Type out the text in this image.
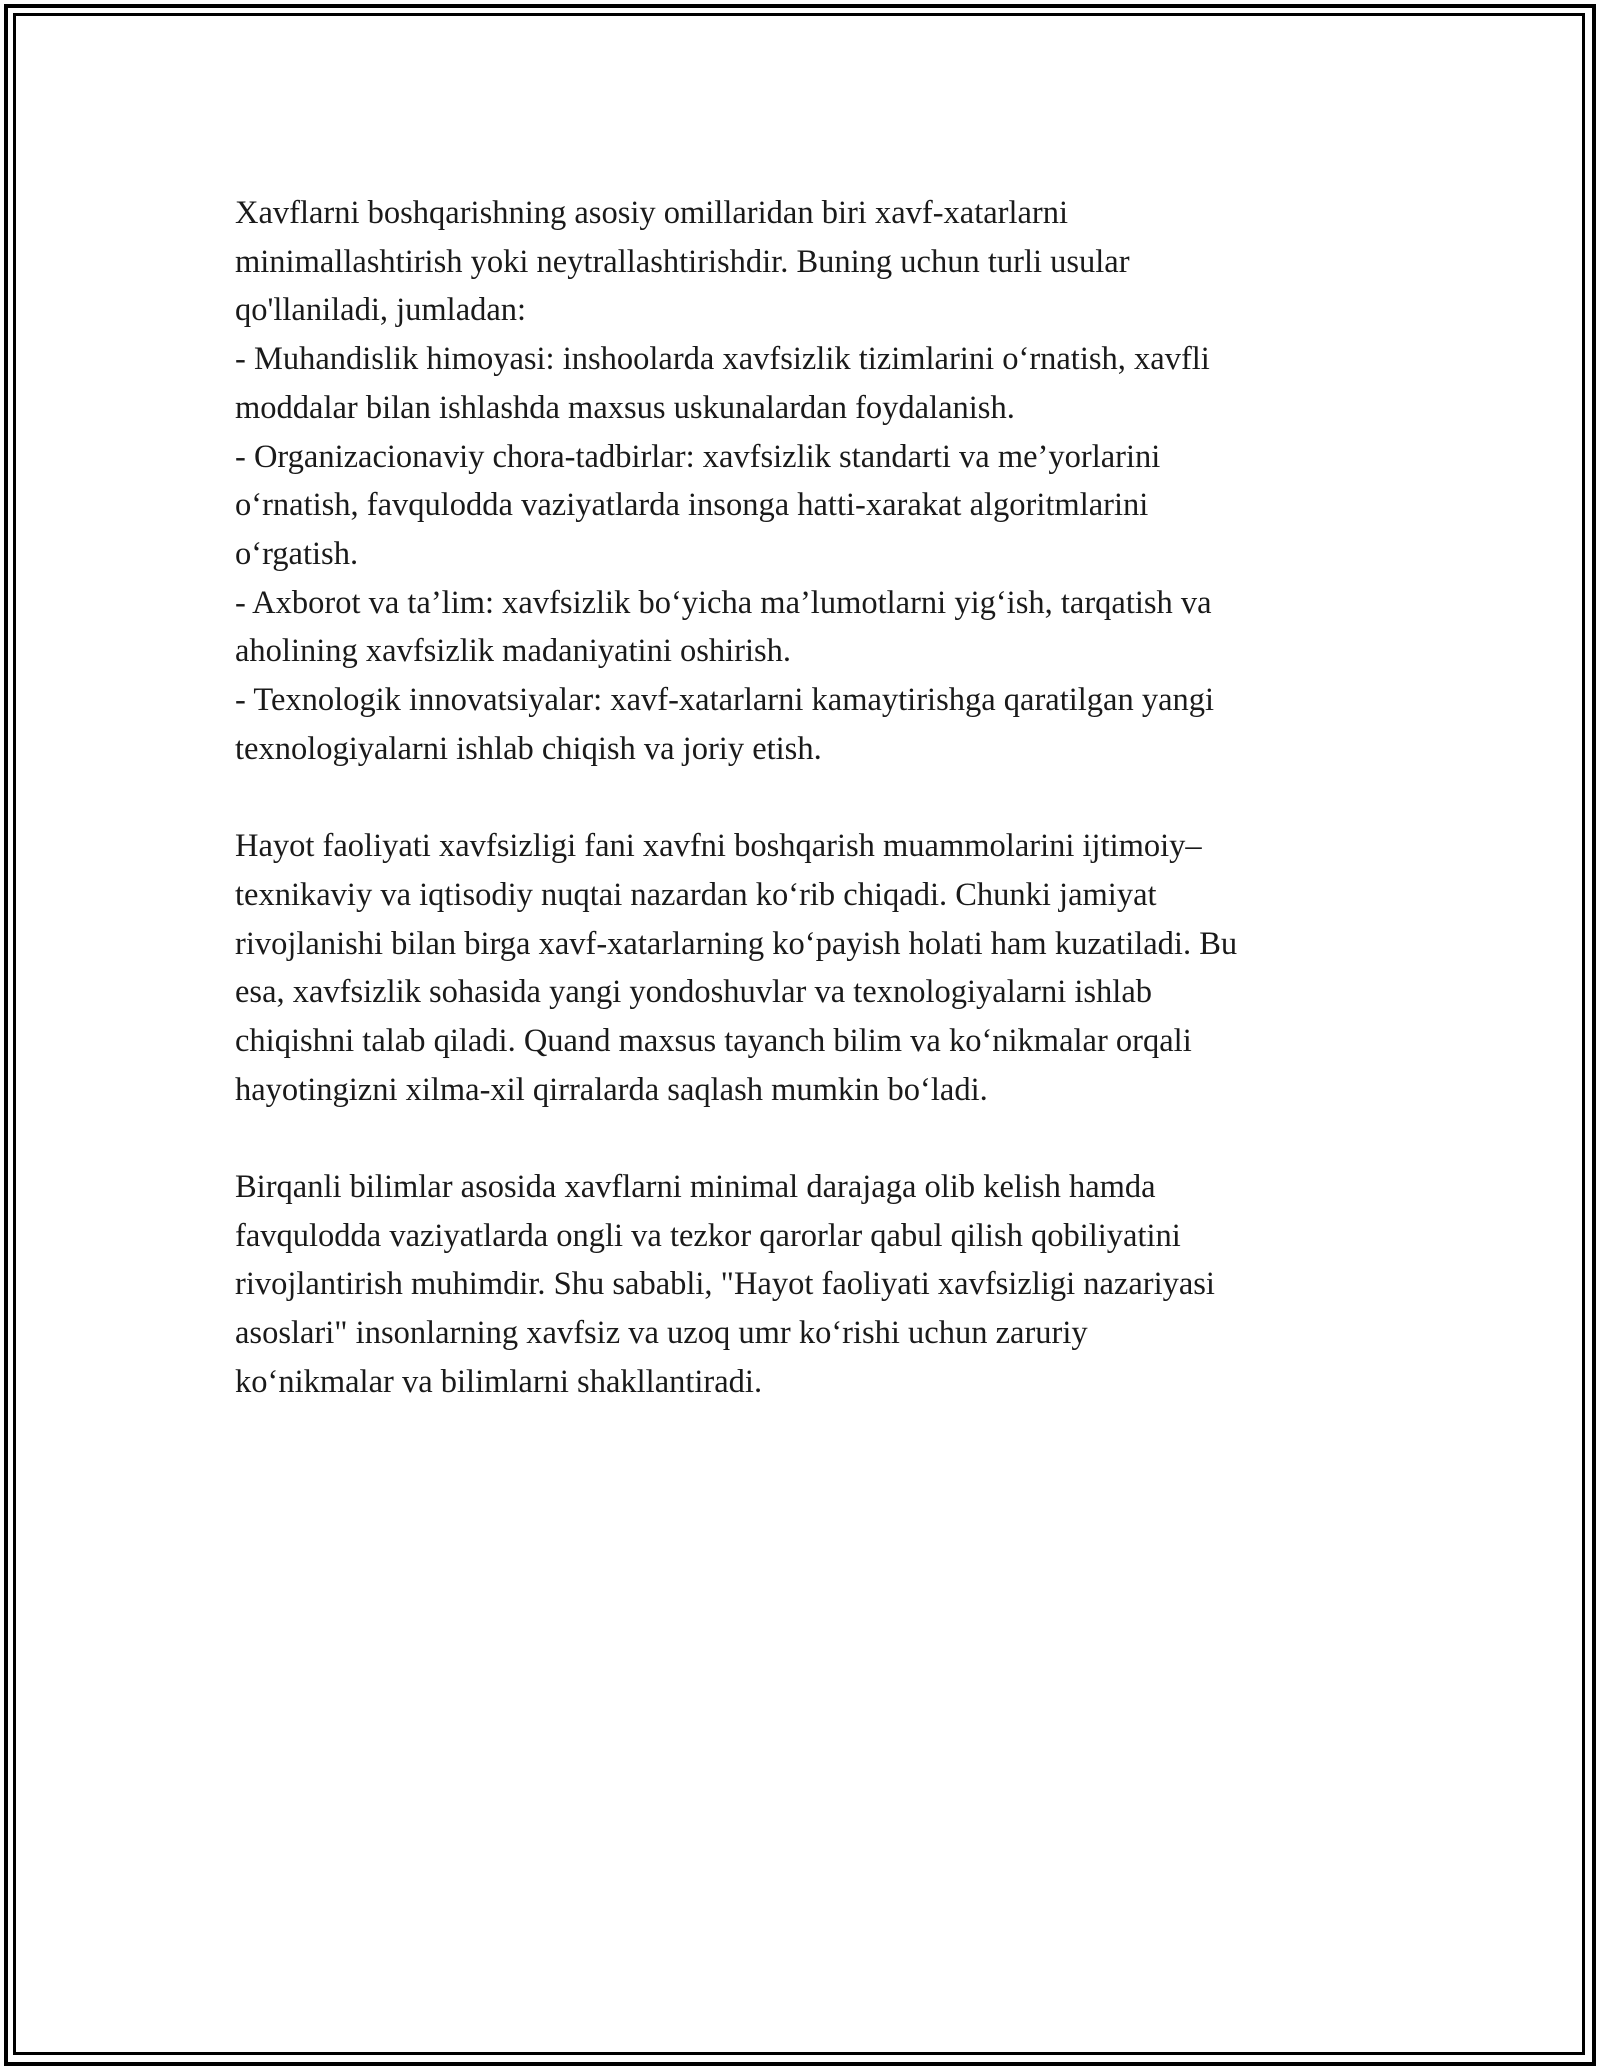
Xavflarni boshqarishning asosiy omillaridan biri xavf-xatarlarni
minimallashtirish yoki neytrallashtirishdir. Buning uchun turli usular
qo'llaniladi, jumladan:
- Muhandislik himoyasi: inshoolarda xavfsizlik tizimlarini o‘rnatish, xavfli
moddalar bilan ishlashda maxsus uskunalardan foydalanish.
- Organizacionaviy chora-tadbirlar: xavfsizlik standarti va me’yorlarini
o‘rnatish, favqulodda vaziyatlarda insonga hatti-xarakat algoritmlarini
o‘rgatish.
- Axborot va ta’lim: xavfsizlik bo‘yicha ma’lumotlarni yig‘ish, tarqatish va
aholining xavfsizlik madaniyatini oshirish.
- Texnologik innovatsiyalar: xavf-xatarlarni kamaytirishga qaratilgan yangi
texnologiyalarni ishlab chiqish va joriy etish.

Hayot faoliyati xavfsizligi fani xavfni boshqarish muammolarini ijtimoiy–
texnikaviy va iqtisodiy nuqtai nazardan ko‘rib chiqadi. Chunki jamiyat
rivojlanishi bilan birga xavf-xatarlarning ko‘payish holati ham kuzatiladi. Bu
esa, xavfsizlik sohasida yangi yondoshuvlar va texnologiyalarni ishlab
chiqishni talab qiladi. Quand maxsus tayanch bilim va ko‘nikmalar orqali
hayotingizni xilma-xil qirralarda saqlash mumkin bo‘ladi.

Birqanli bilimlar asosida xavflarni minimal darajaga olib kelish hamda
favqulodda vaziyatlarda ongli va tezkor qarorlar qabul qilish qobiliyatini
rivojlantirish muhimdir. Shu sababli, "Hayot faoliyati xavfsizligi nazariyasi
asoslari" insonlarning xavfsiz va uzoq umr ko‘rishi uchun zaruriy
ko‘nikmalar va bilimlarni shakllantiradi.
